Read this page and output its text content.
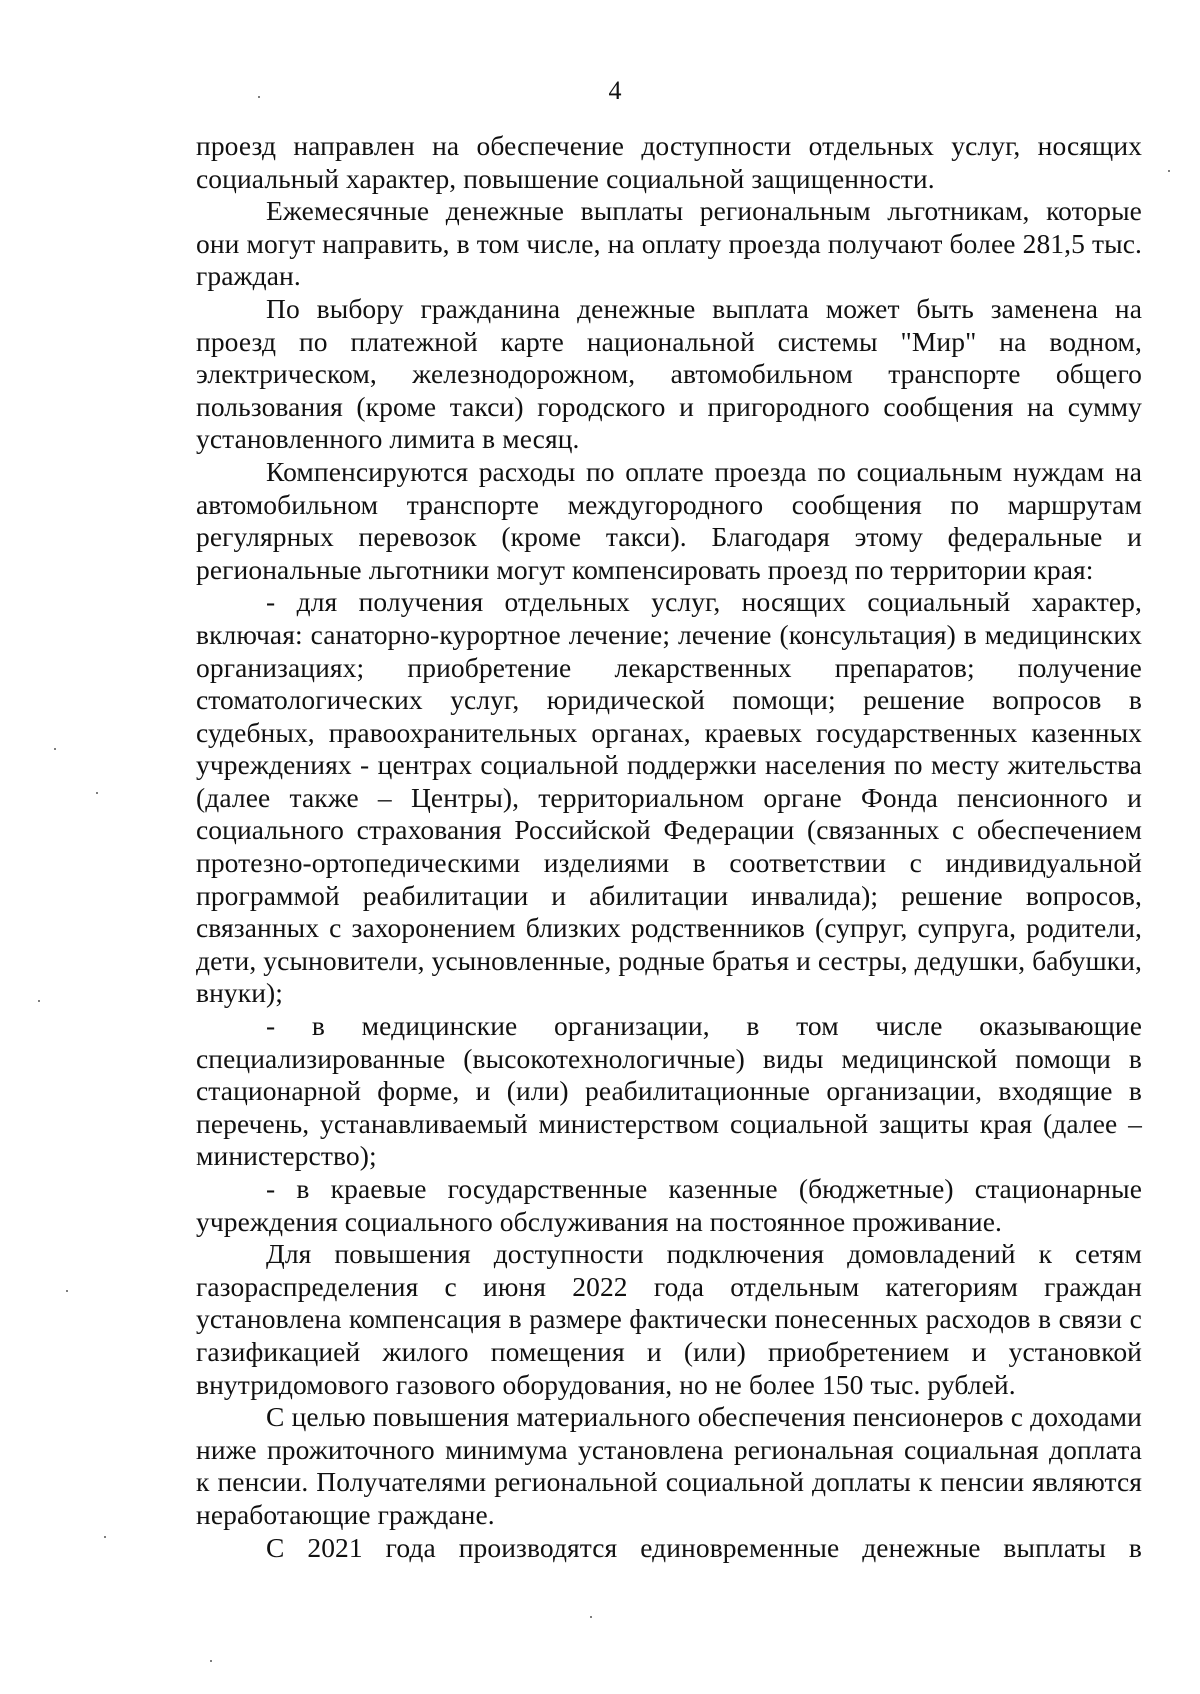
4

проезд направлен на обеспечение доступности отдельных услуг, носящих социальный характер, повышение социальной защищенности.

Ежемесячные денежные выплаты региональным льготникам, которые они могут направить, в том числе, на оплату проезда получают более 281,5 тыс. граждан.

По выбору гражданина денежные выплата может быть заменена на проезд по платежной карте национальной системы "Мир" на водном, электрическом, железнодорожном, автомобильном транспорте общего пользования (кроме такси) городского и пригородного сообщения на сумму установленного лимита в месяц.

Компенсируются расходы по оплате проезда по социальным нуждам на автомобильном транспорте междугородного сообщения по маршрутам регулярных перевозок (кроме такси). Благодаря этому федеральные и региональные льготники могут компенсировать проезд по территории края:

- для получения отдельных услуг, носящих социальный характер, включая: санаторно-курортное лечение; лечение (консультация) в медицинских организациях; приобретение лекарственных препаратов; получение стоматологических услуг, юридической помощи; решение вопросов в судебных, правоохранительных органах, краевых государственных казенных учреждениях - центрах социальной поддержки населения по месту жительства (далее также – Центры), территориальном органе Фонда пенсионного и социального страхования Российской Федерации (связанных с обеспечением протезно-ортопедическими изделиями в соответствии с индивидуальной программой реабилитации и абилитации инвалида); решение вопросов, связанных с захоронением близких родственников (супруг, супруга, родители, дети, усыновители, усыновленные, родные братья и сестры, дедушки, бабушки, внуки);

- в медицинские организации, в том числе оказывающие специализированные (высокотехнологичные) виды медицинской помощи в стационарной форме, и (или) реабилитационные организации, входящие в перечень, устанавливаемый министерством социальной защиты края (далее – министерство);

- в краевые государственные казенные (бюджетные) стационарные учреждения социального обслуживания на постоянное проживание.

Для повышения доступности подключения домовладений к сетям газораспределения с июня 2022 года отдельным категориям граждан установлена компенсация в размере фактически понесенных расходов в связи с газификацией жилого помещения и (или) приобретением и установкой внутридомового газового оборудования, но не более 150 тыс. рублей.

С целью повышения материального обеспечения пенсионеров с доходами ниже прожиточного минимума установлена региональная социальная доплата к пенсии. Получателями региональной социальной доплаты к пенсии являются неработающие граждане.

С 2021 года производятся единовременные денежные выплаты в
